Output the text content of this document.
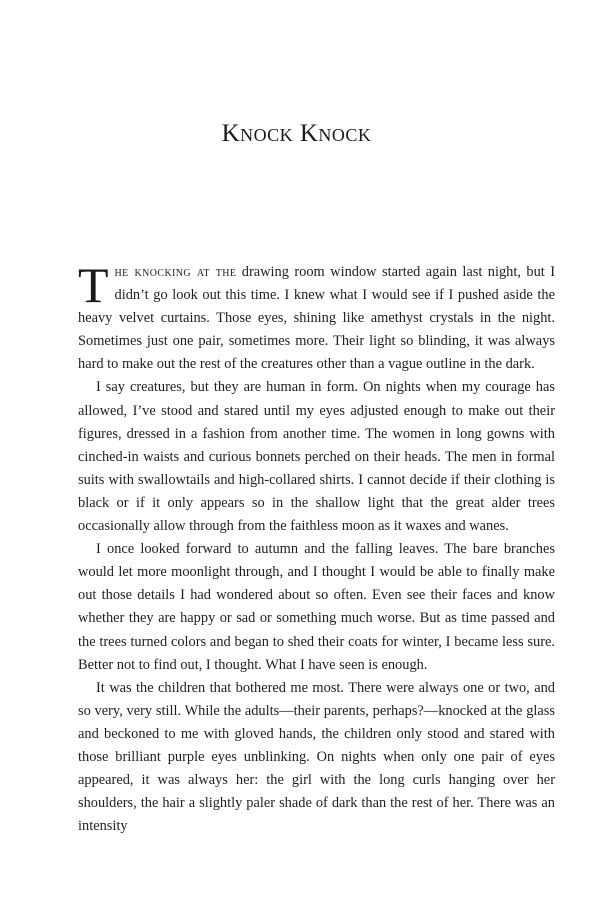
Knock Knock

The knocking at the drawing room window started again last night, but I didn’t go look out this time. I knew what I would see if I pushed aside the heavy velvet curtains. Those eyes, shining like amethyst crystals in the night. Sometimes just one pair, sometimes more. Their light so blinding, it was always hard to make out the rest of the creatures other than a vague outline in the dark.

I say creatures, but they are human in form. On nights when my courage has allowed, I’ve stood and stared until my eyes adjusted enough to make out their figures, dressed in a fashion from another time. The women in long gowns with cinched-in waists and curious bonnets perched on their heads. The men in formal suits with swallowtails and high-collared shirts. I cannot decide if their clothing is black or if it only appears so in the shallow light that the great alder trees occasionally allow through from the faithless moon as it waxes and wanes.

I once looked forward to autumn and the falling leaves. The bare branches would let more moonlight through, and I thought I would be able to finally make out those details I had wondered about so often. Even see their faces and know whether they are happy or sad or something much worse. But as time passed and the trees turned colors and began to shed their coats for winter, I became less sure. Better not to find out, I thought. What I have seen is enough.

It was the children that bothered me most. There were always one or two, and so very, very still. While the adults—their parents, perhaps?—knocked at the glass and beckoned to me with gloved hands, the children only stood and stared with those brilliant purple eyes unblinking. On nights when only one pair of eyes appeared, it was always her: the girl with the long curls hanging over her shoulders, the hair a slightly paler shade of dark than the rest of her. There was an intensity
